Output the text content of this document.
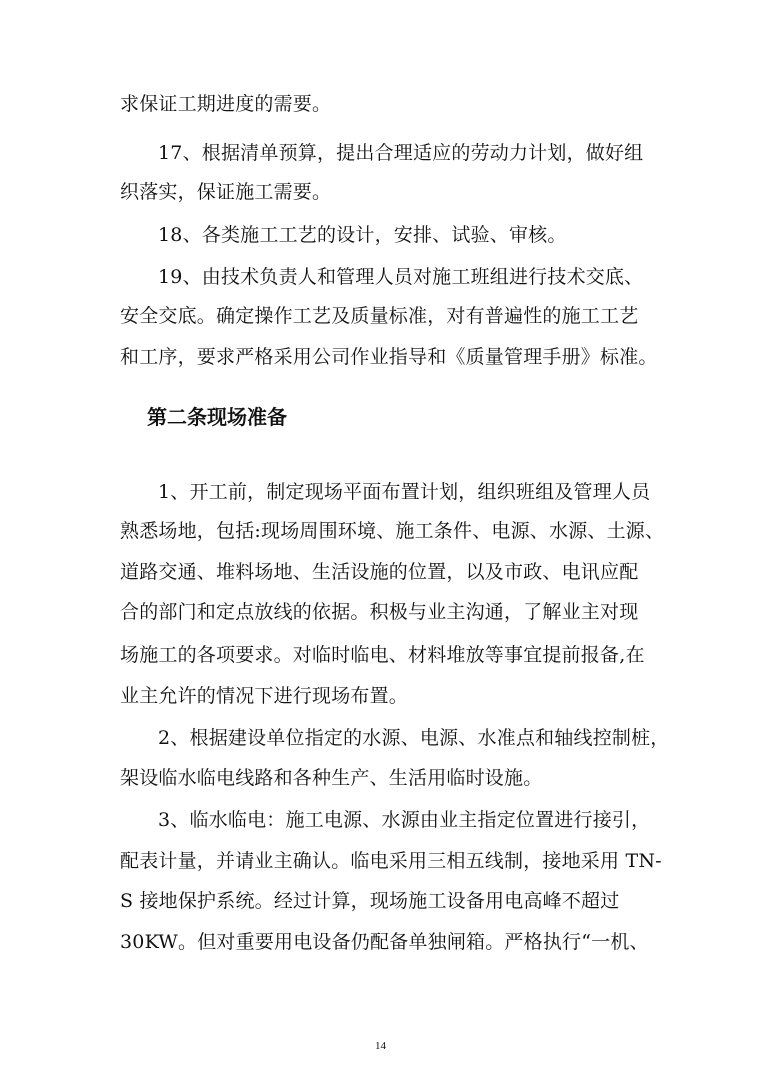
求保证工期进度的需要。
17、根据清单预算，提出合理适应的劳动力计划，做好组
织落实，保证施工需要。
18、各类施工工艺的设计，安排、试验、审核。
19、由技术负责人和管理人员对施工班组进行技术交底、
安全交底。确定操作工艺及质量标准，对有普遍性的施工工艺
和工序，要求严格采用公司作业指导和《质量管理手册》标准。
第二条现场准备
1、开工前，制定现场平面布置计划，组织班组及管理人员
熟悉场地，包括:现场周围环境、施工条件、电源、水源、土源、
道路交通、堆料场地、生活设施的位置，以及市政、电讯应配
合的部门和定点放线的依据。积极与业主沟通，了解业主对现
场施工的各项要求。对临时临电、材料堆放等事宜提前报备,在
业主允许的情况下进行现场布置。
2、根据建设单位指定的水源、电源、水准点和轴线控制桩，
架设临水临电线路和各种生产、生活用临时设施。
3、临水临电：施工电源、水源由业主指定位置进行接引，
配表计量，并请业主确认。临电采用三相五线制，接地采用 TN-
S 接地保护系统。经过计算，现场施工设备用电高峰不超过
30KW。但对重要用电设备仍配备单独闸箱。严格执行“一机、
14
